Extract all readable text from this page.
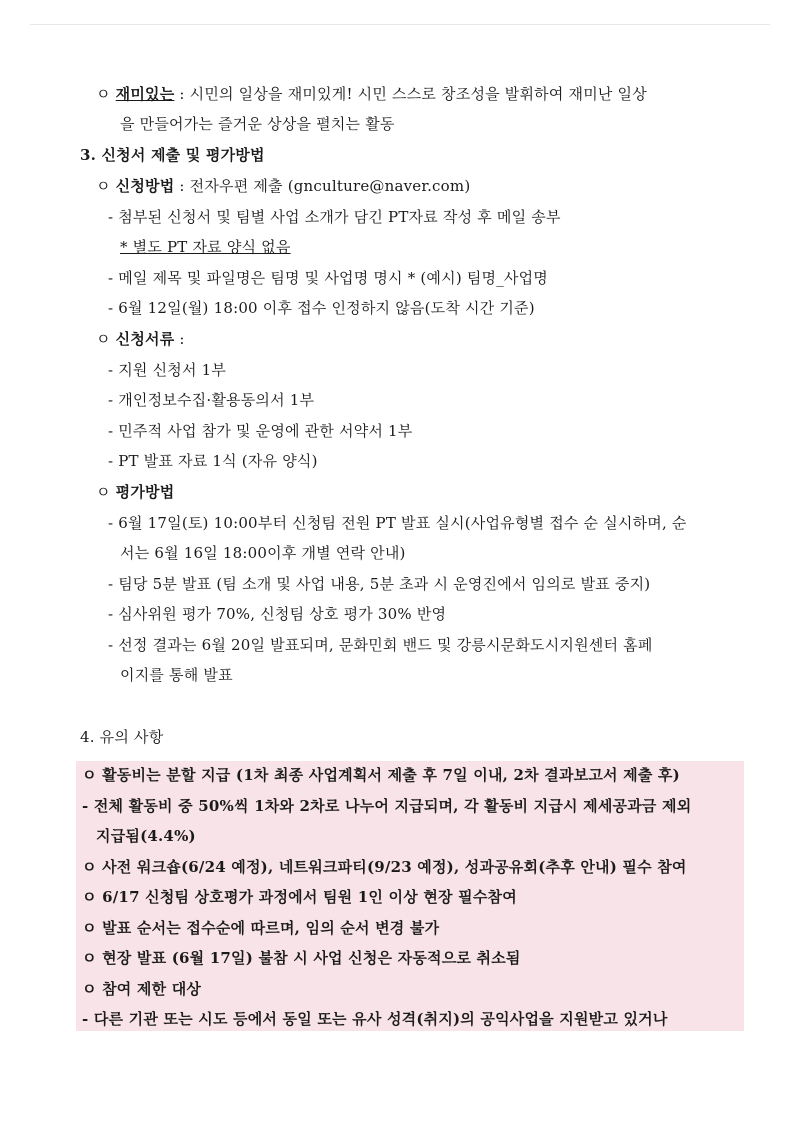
ㅇ 재미있는 : 시민의 일상을 재미있게! 시민 스스로 창조성을 발휘하여 재미난 일상
을 만들어가는 즐거운 상상을 펼치는 활동
3. 신청서 제출 및 평가방법
ㅇ 신청방법 : 전자우편 제출 (gnculture@naver.com)
- 첨부된 신청서 및 팀별 사업 소개가 담긴 PT자료 작성 후 메일 송부
* 별도 PT 자료 양식 없음
- 메일 제목 및 파일명은 팀명 및 사업명 명시 * (예시) 팀명_사업명
- 6월 12일(월) 18:00 이후 접수 인정하지 않음(도착 시간 기준)
ㅇ 신청서류 :
- 지원 신청서 1부
- 개인정보수집·활용동의서 1부
- 민주적 사업 참가 및 운영에 관한 서약서 1부
- PT 발표 자료 1식 (자유 양식)
ㅇ 평가방법
- 6월 17일(토) 10:00부터 신청팀 전원 PT 발표 실시(사업유형별 접수 순 실시하며, 순
서는 6월 16일 18:00이후 개별 연락 안내)
- 팀당 5분 발표 (팀 소개 및 사업 내용, 5분 초과 시 운영진에서 임의로 발표 중지)
- 심사위원 평가 70%, 신청팀 상호 평가 30% 반영
- 선정 결과는 6월 20일 발표되며, 문화민회 밴드 및 강릉시문화도시지원센터 홈페
이지를 통해 발표
4. 유의 사항
ㅇ 활동비는 분할 지급 (1차 최종 사업계획서 제출 후 7일 이내, 2차 결과보고서 제출 후)
- 전체 활동비 중 50%씩 1차와 2차로 나누어 지급되며, 각 활동비 지급시 제세공과금 제외
지급됨(4.4%)
ㅇ 사전 워크숍(6/24 예정), 네트워크파티(9/23 예정), 성과공유회(추후 안내) 필수 참여
ㅇ 6/17 신청팀 상호평가 과정에서 팀원 1인 이상 현장 필수참여
ㅇ 발표 순서는 접수순에 따르며, 임의 순서 변경 불가
ㅇ 현장 발표 (6월 17일) 불참 시 사업 신청은 자동적으로 취소됨
ㅇ 참여 제한 대상
- 다른 기관 또는 시도 등에서 동일 또는 유사 성격(취지)의 공익사업을 지원받고 있거나
